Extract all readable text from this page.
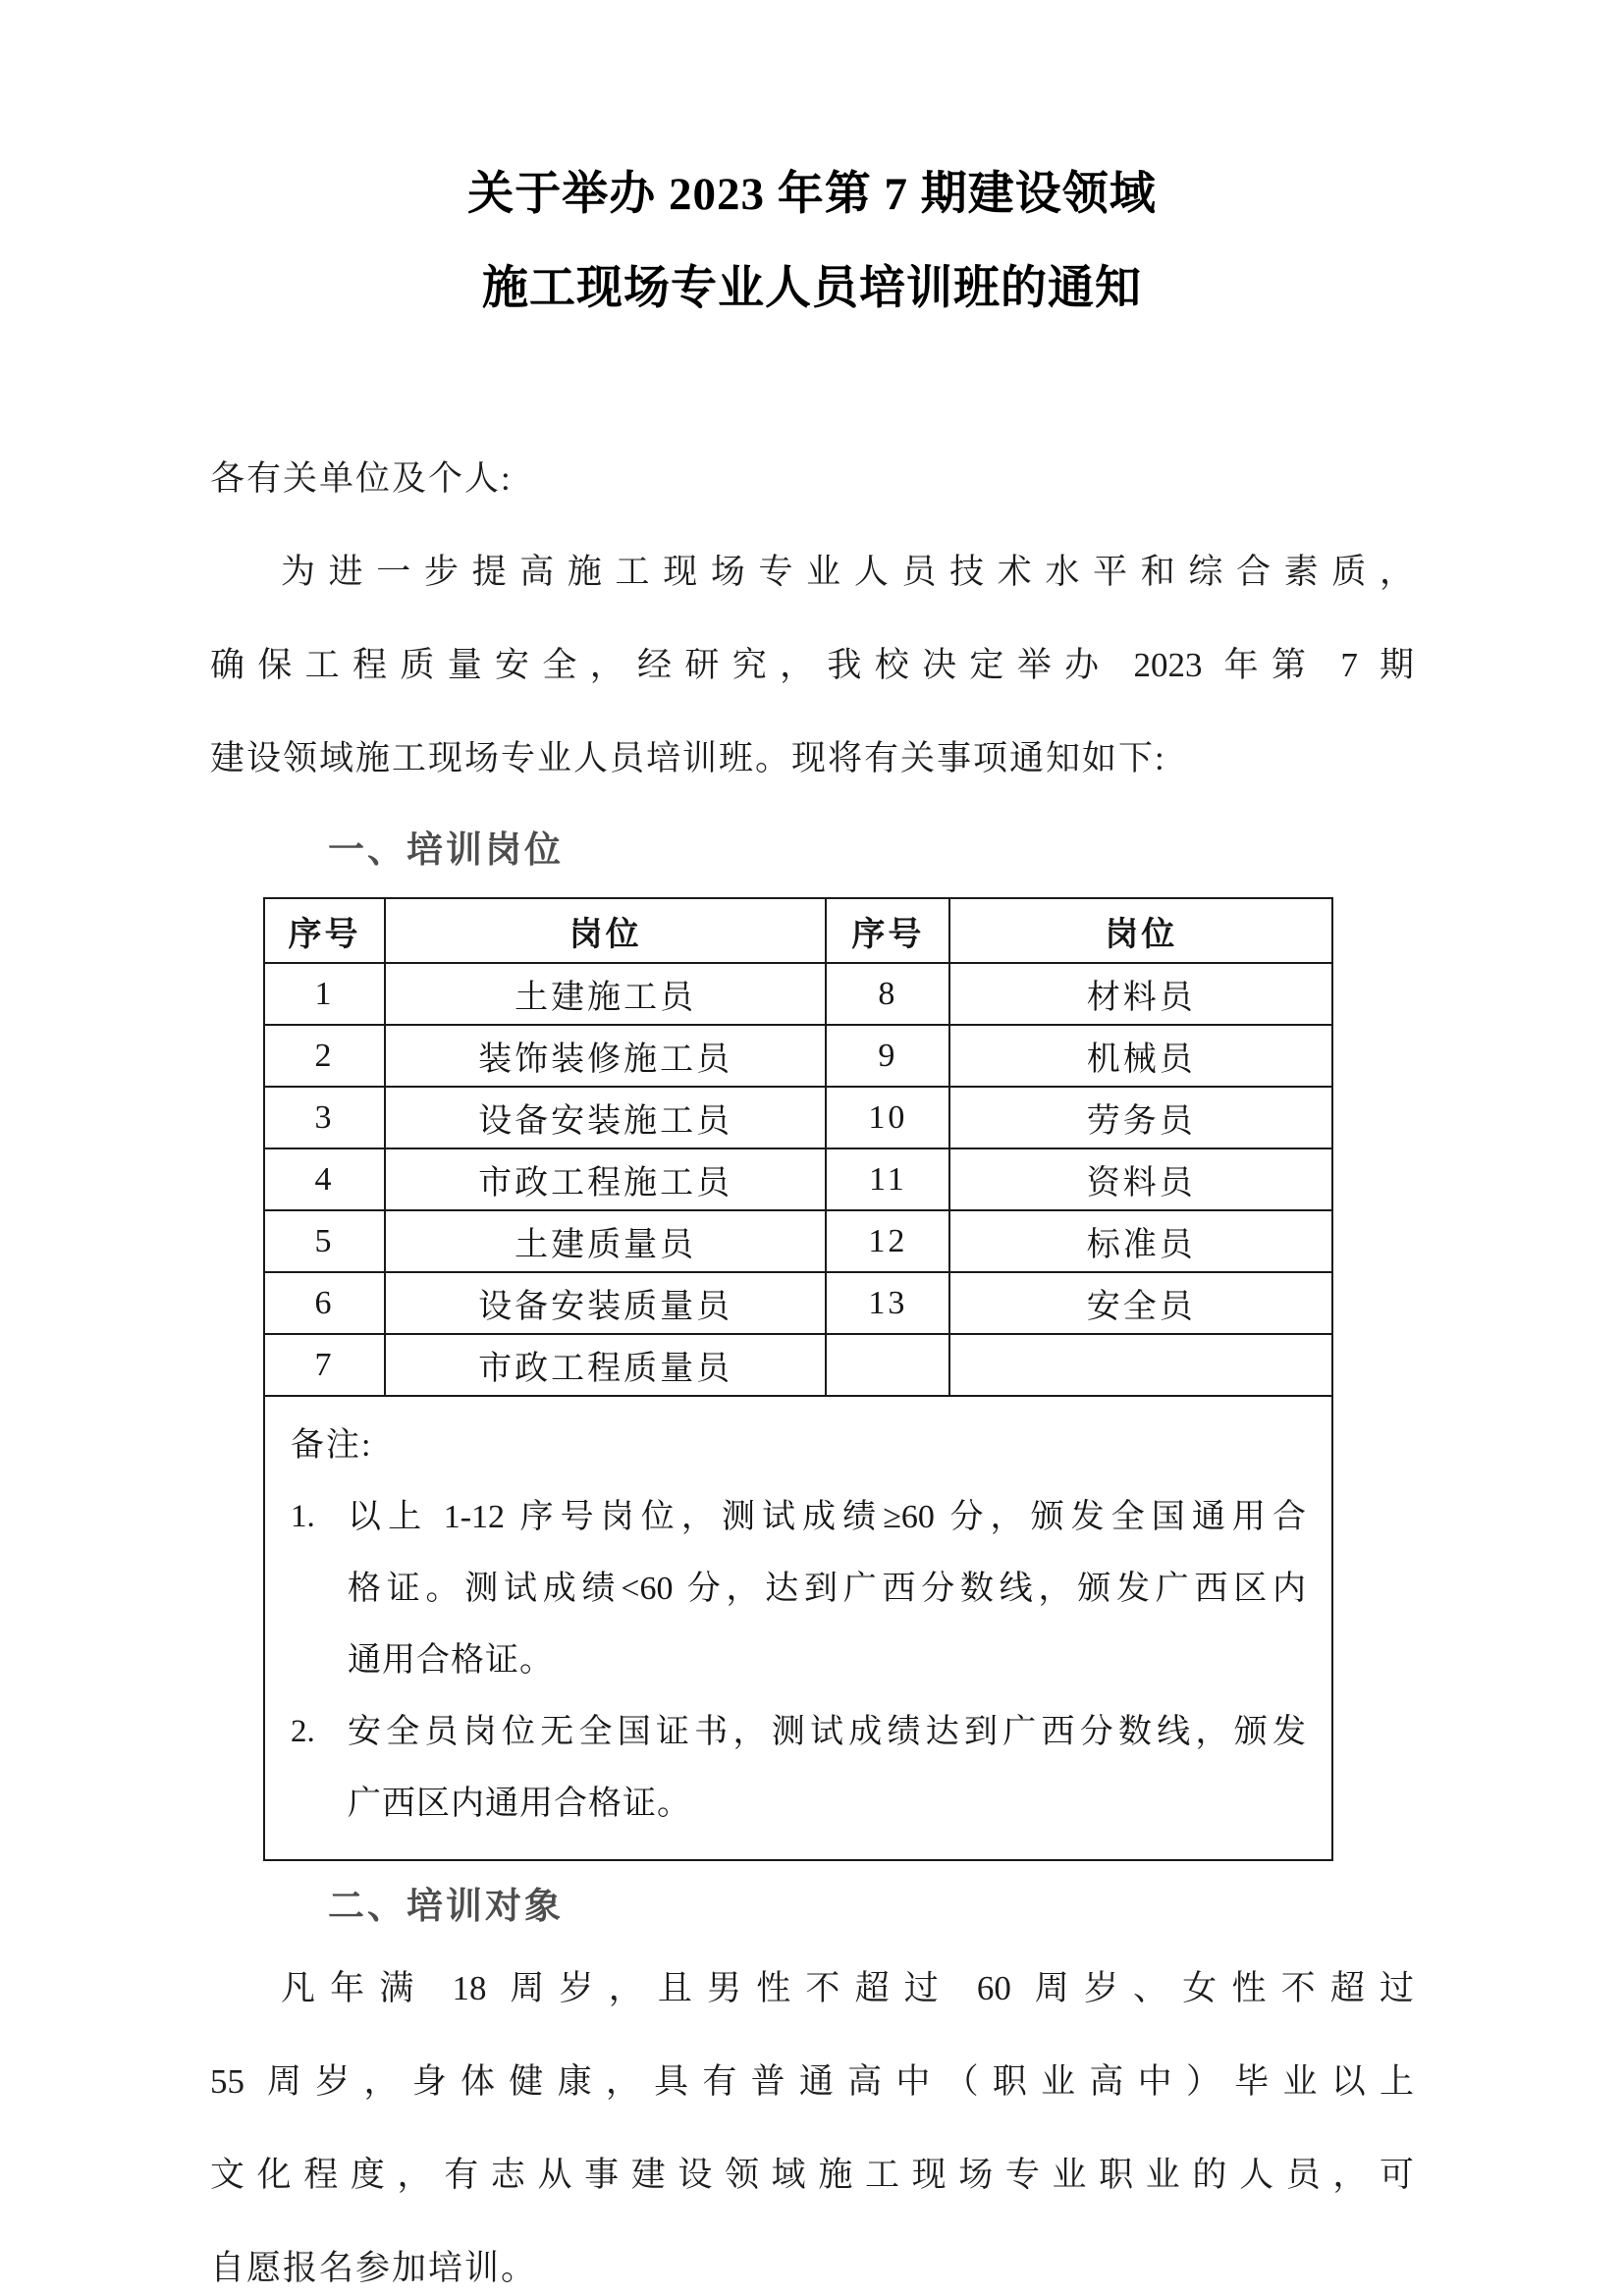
关于举办 2023 年第 7 期建设领域
施工现场专业人员培训班的通知

各有关单位及个人:

为进一步提高施工现场专业人员技术水平和综合素质，
确保工程质量安全，经研究，我校决定举办 2023 年第 7 期
建设领域施工现场专业人员培训班。现将有关事项通知如下:
一、培训岗位
序号	岗位	序号	岗位
1	土建施工员	8	材料员
2	装饰装修施工员	9	机械员
3	设备安装施工员	10	劳务员
4	市政工程施工员	11	资料员
5	土建质量员	12	标准员
6	设备安装质量员	13	安全员
7	市政工程质量员		

备注:
1. 以上 1-12 序号岗位，测试成绩≥60 分，颁发全国通用合
格证。测试成绩<60 分，达到广西分数线，颁发广西区内
通用合格证。
2. 安全员岗位无全国证书，测试成绩达到广西分数线，颁发
广西区内通用合格证。
二、培训对象
凡年满 18 周岁，且男性不超过 60 周岁、女性不超过
55 周岁，身体健康，具有普通高中（职业高中）毕业以上
文化程度，有志从事建设领域施工现场专业职业的人员，可
自愿报名参加培训。
